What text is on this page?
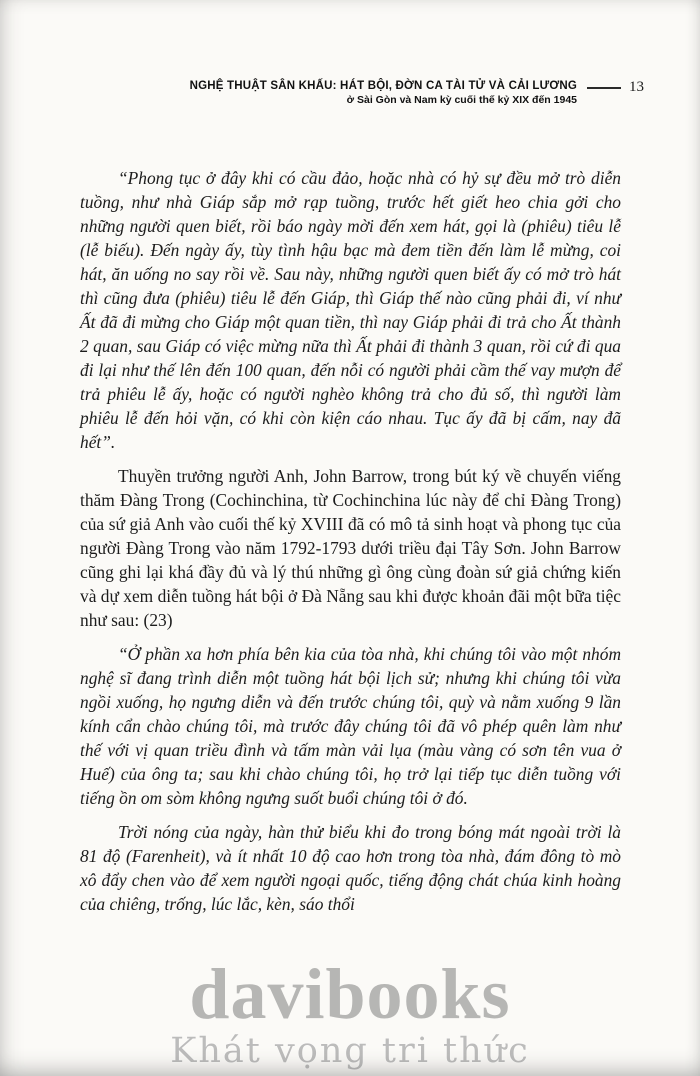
NGHỆ THUẬT SÂN KHẤU: HÁT BỘI, ĐỜN CA TÀI TỬ VÀ CẢI LƯƠNG
ở Sài Gòn và Nam kỳ cuối thế kỷ XIX đến 1945
13

“Phong tục ở đây khi có cầu đảo, hoặc nhà có hỷ sự đều mở trò diễn tuồng, như nhà Giáp sắp mở rạp tuồng, trước hết giết heo chia gởi cho những người quen biết, rồi báo ngày mời đến xem hát, gọi là (phiêu) tiêu lễ (lễ biếu). Đến ngày ấy, tùy tình hậu bạc mà đem tiền đến làm lễ mừng, coi hát, ăn uống no say rồi về. Sau này, những người quen biết ấy có mở trò hát thì cũng đưa (phiêu) tiêu lễ đến Giáp, thì Giáp thế nào cũng phải đi, ví như Ất đã đi mừng cho Giáp một quan tiền, thì nay Giáp phải đi trả cho Ất thành 2 quan, sau Giáp có việc mừng nữa thì Ất phải đi thành 3 quan, rồi cứ đi qua đi lại như thế lên đến 100 quan, đến nỗi có người phải cầm thế vay mượn để trả phiêu lễ ấy, hoặc có người nghèo không trả cho đủ số, thì người làm phiêu lễ đến hỏi vặn, có khi còn kiện cáo nhau. Tục ấy đã bị cấm, nay đã hết”.

Thuyền trưởng người Anh, John Barrow, trong bút ký về chuyến viếng thăm Đàng Trong (Cochinchina, từ Cochinchina lúc này để chỉ Đàng Trong) của sứ giả Anh vào cuối thế kỷ XVIII đã có mô tả sinh hoạt và phong tục của người Đàng Trong vào năm 1792-1793 dưới triều đại Tây Sơn. John Barrow cũng ghi lại khá đầy đủ và lý thú những gì ông cùng đoàn sứ giả chứng kiến và dự xem diễn tuồng hát bội ở Đà Nẵng sau khi được khoản đãi một bữa tiệc như sau: (23)

“Ở phần xa hơn phía bên kia của tòa nhà, khi chúng tôi vào một nhóm nghệ sĩ đang trình diễn một tuồng hát bội lịch sử; nhưng khi chúng tôi vừa ngồi xuống, họ ngưng diễn và đến trước chúng tôi, quỳ và nằm xuống 9 lần kính cẩn chào chúng tôi, mà trước đây chúng tôi đã vô phép quên làm như thế với vị quan triều đình và tấm màn vải lụa (màu vàng có sơn tên vua ở Huế) của ông ta; sau khi chào chúng tôi, họ trở lại tiếp tục diễn tuồng với tiếng ồn om sòm không ngưng suốt buổi chúng tôi ở đó.

Trời nóng của ngày, hàn thử biểu khi đo trong bóng mát ngoài trời là 81 độ (Farenheit), và ít nhất 10 độ cao hơn trong tòa nhà, đám đông tò mò xô đẩy chen vào để xem người ngoại quốc, tiếng động chát chúa kinh hoàng của chiêng, trống, lúc lắc, kèn, sáo thổi

davibooks
Khát vọng tri thức
